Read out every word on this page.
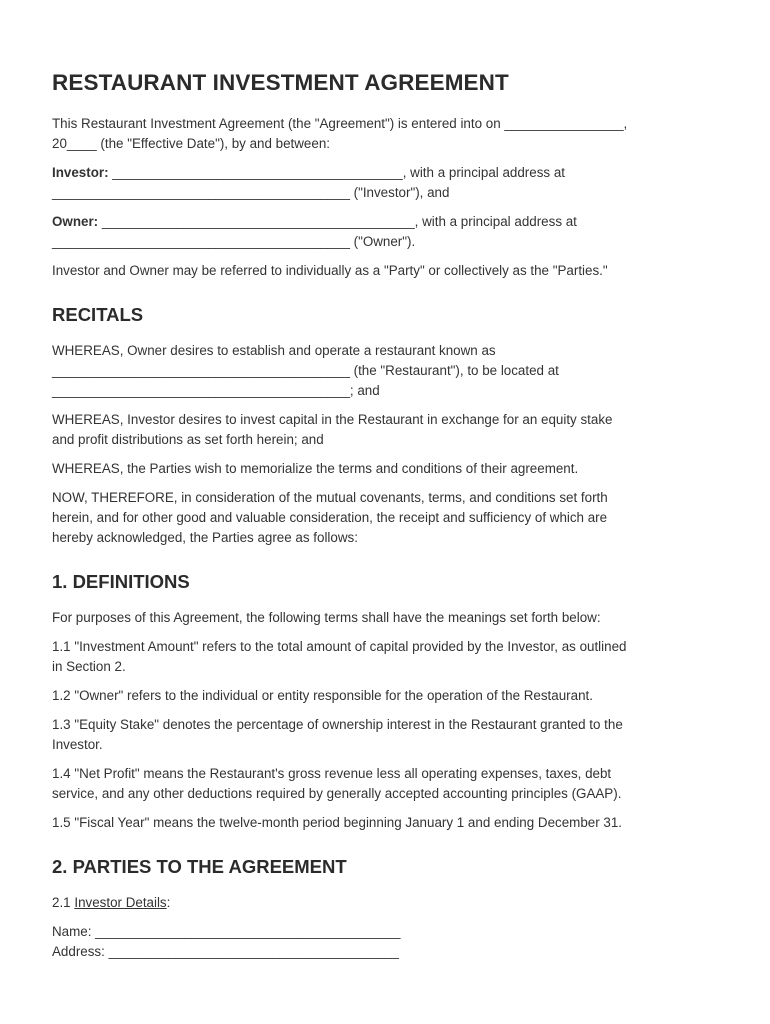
RESTAURANT INVESTMENT AGREEMENT

This Restaurant Investment Agreement (the "Agreement") is entered into on ________________,
20____ (the "Effective Date"), by and between:

Investor: _______________________________________, with a principal address at
________________________________________ ("Investor"), and

Owner: __________________________________________, with a principal address at
________________________________________ ("Owner").

Investor and Owner may be referred to individually as a "Party" or collectively as the "Parties."

RECITALS

WHEREAS, Owner desires to establish and operate a restaurant known as
________________________________________ (the "Restaurant"), to be located at
________________________________________; and

WHEREAS, Investor desires to invest capital in the Restaurant in exchange for an equity stake
and profit distributions as set forth herein; and

WHEREAS, the Parties wish to memorialize the terms and conditions of their agreement.

NOW, THEREFORE, in consideration of the mutual covenants, terms, and conditions set forth
herein, and for other good and valuable consideration, the receipt and sufficiency of which are
hereby acknowledged, the Parties agree as follows:

1. DEFINITIONS

For purposes of this Agreement, the following terms shall have the meanings set forth below:

1.1 "Investment Amount" refers to the total amount of capital provided by the Investor, as outlined
in Section 2.

1.2 "Owner" refers to the individual or entity responsible for the operation of the Restaurant.

1.3 "Equity Stake" denotes the percentage of ownership interest in the Restaurant granted to the
Investor.

1.4 "Net Profit" means the Restaurant's gross revenue less all operating expenses, taxes, debt
service, and any other deductions required by generally accepted accounting principles (GAAP).

1.5 "Fiscal Year" means the twelve-month period beginning January 1 and ending December 31.

2. PARTIES TO THE AGREEMENT

2.1 Investor Details:

Name: _________________________________________

Address: _______________________________________
